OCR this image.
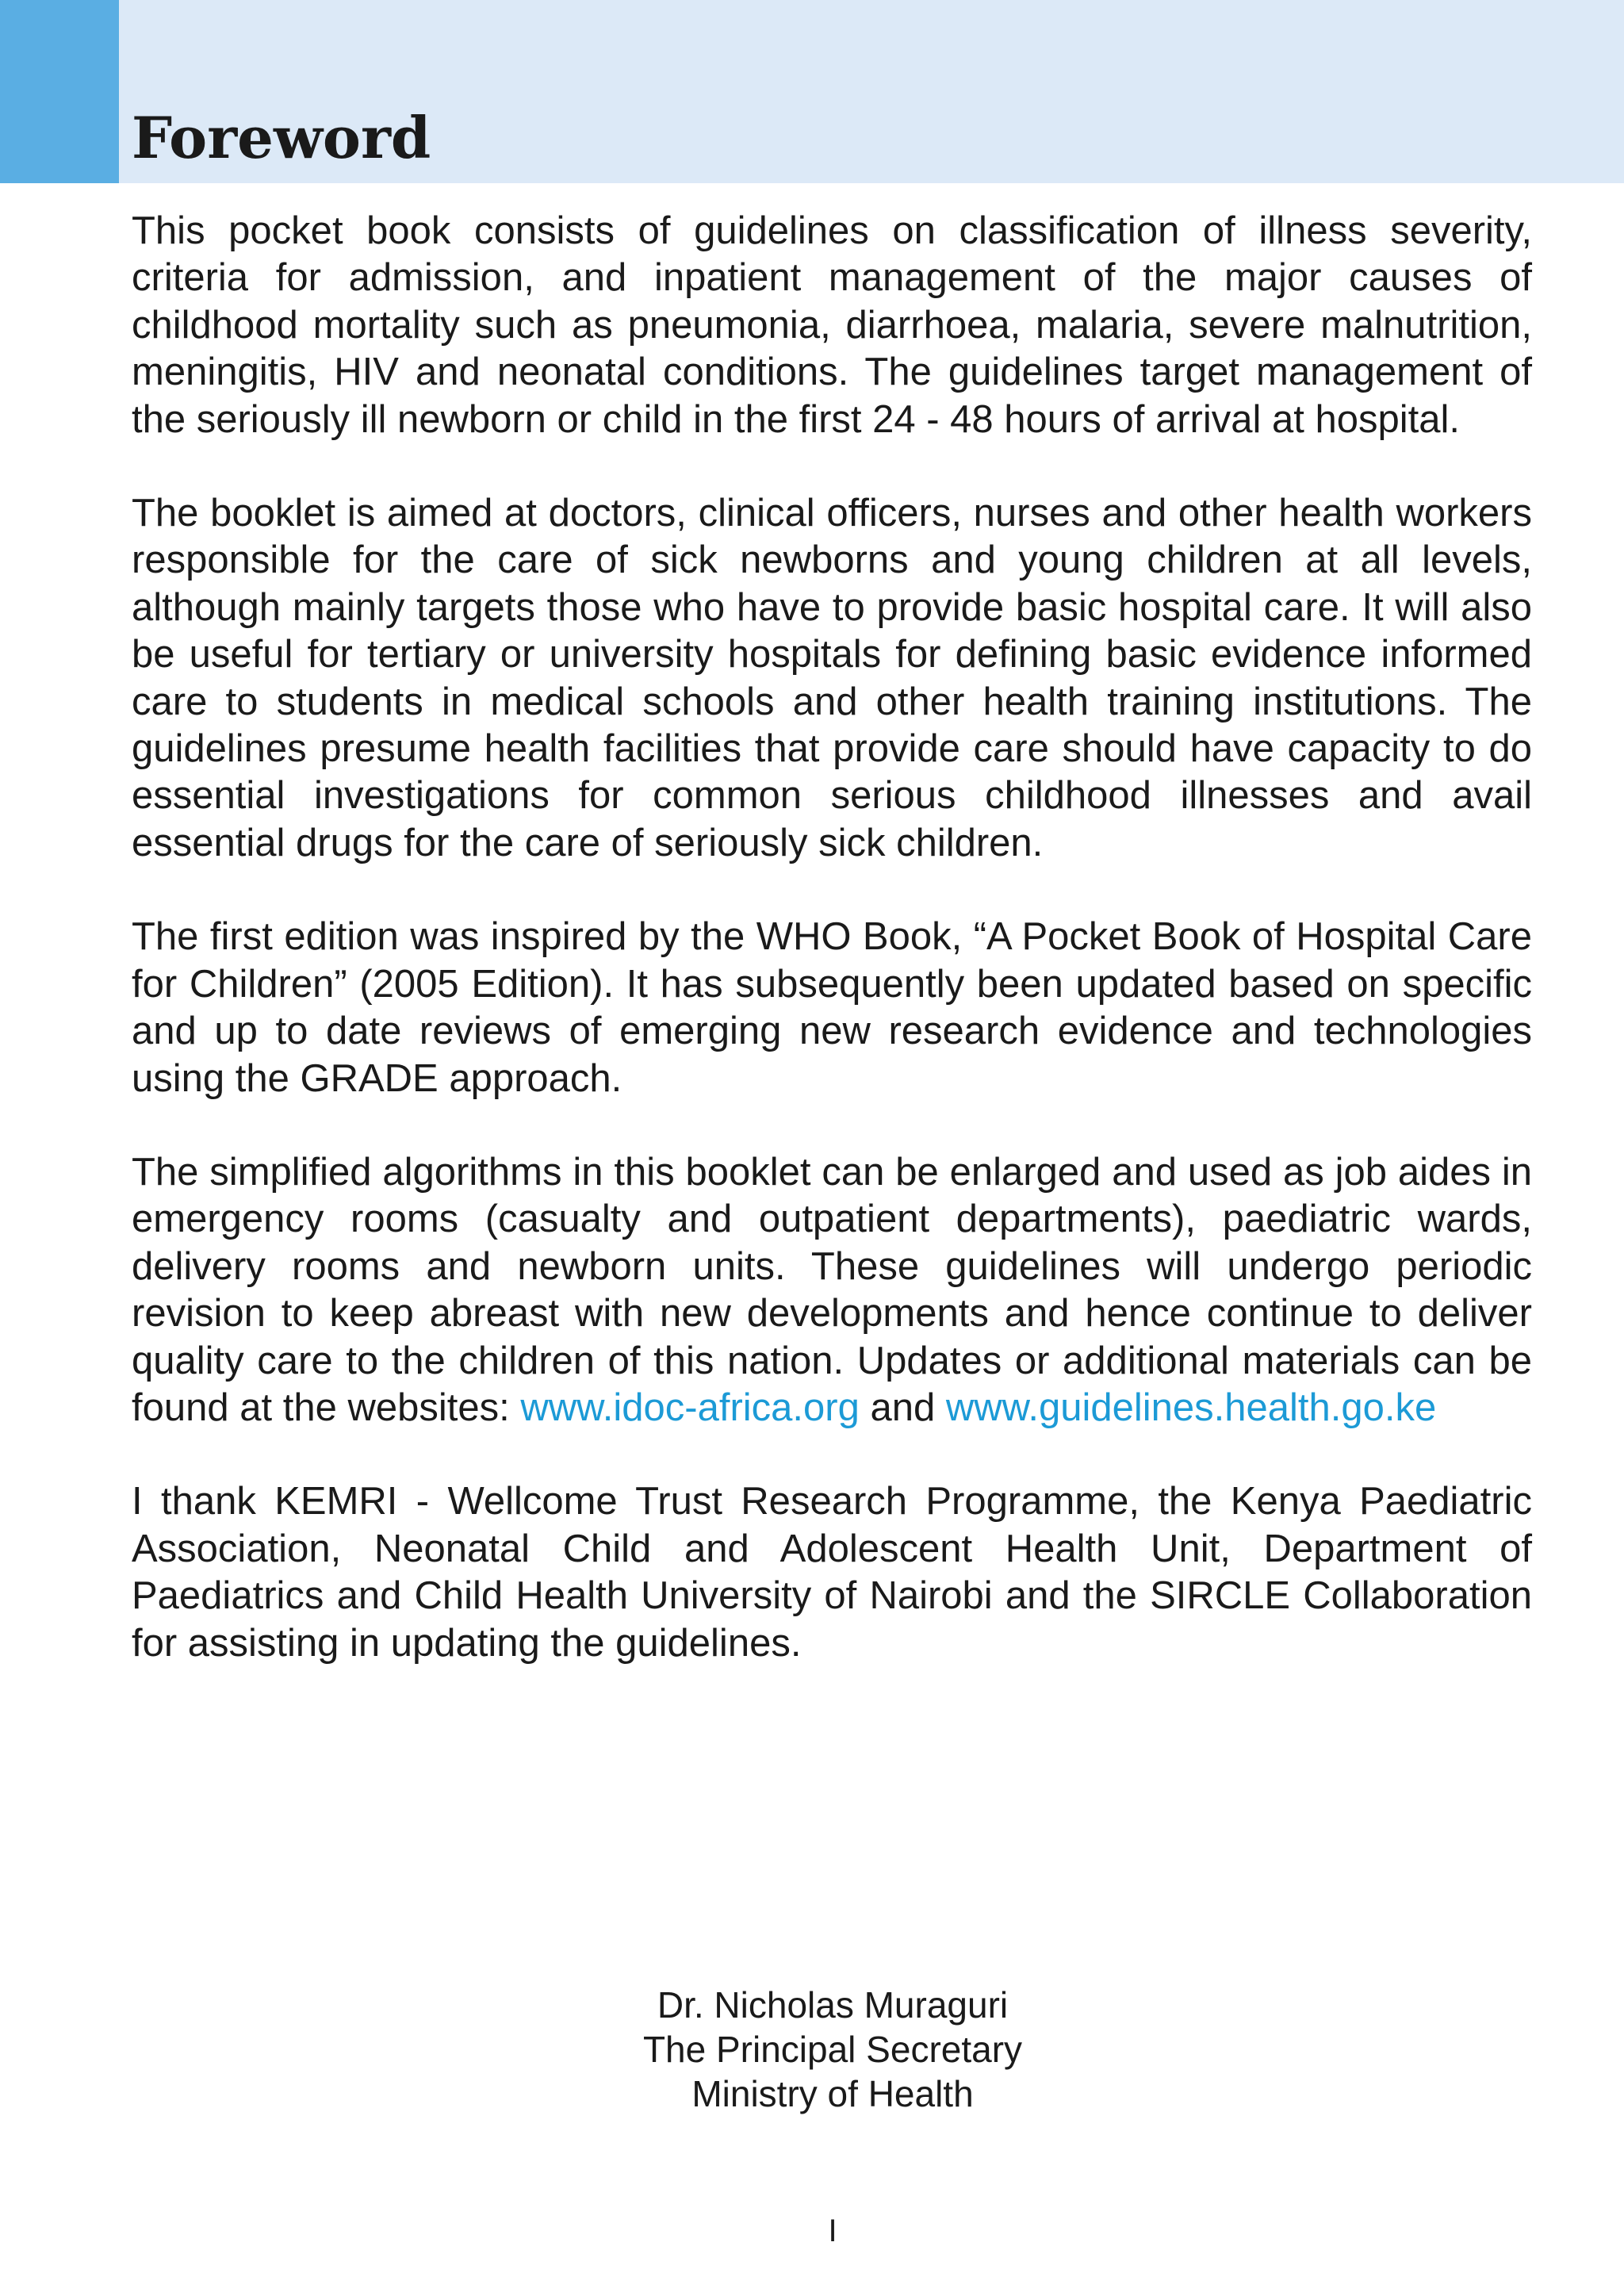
Foreword

This pocket book consists of guidelines on classification of illness severity, criteria for admission, and inpatient management of the major causes of childhood mortality such as pneumonia, diarrhoea, malaria, severe malnutrition, meningitis, HIV and neonatal conditions. The guidelines target management of the seriously ill newborn or child in the first 24 - 48 hours of arrival at hospital.

The booklet is aimed at doctors, clinical officers, nurses and other health workers responsible for the care of sick newborns and young children at all levels, although mainly targets those who have to provide basic hospital care. It will also be useful for tertiary or university hospitals for defining basic evidence informed care to students in medical schools and other health training institutions. The guidelines presume health facilities that provide care should have capacity to do essential investigations for common serious childhood illnesses and avail essential drugs for the care of seriously sick children.

The first edition was inspired by the WHO Book, “A Pocket Book of Hospital Care for Children” (2005 Edition). It has subsequently been updated based on specific and up to date reviews of emerging new research evidence and technologies using the GRADE approach.

The simplified algorithms in this booklet can be enlarged and used as job aides in emergency rooms (casualty and outpatient departments), paediatric wards, delivery rooms and newborn units. These guidelines will undergo periodic revision to keep abreast with new developments and hence continue to deliver quality care to the children of this nation. Updates or additional materials can be found at the websites: www.idoc-africa.org and www.guidelines.health.go.ke

I thank KEMRI - Wellcome Trust Research Programme, the Kenya Paediatric Association, Neonatal Child and Adolescent Health Unit, Department of Paediatrics and Child Health University of Nairobi and the SIRCLE Collaboration for assisting in updating the guidelines.

Dr. Nicholas Muraguri
The Principal Secretary
Ministry of Health
I
